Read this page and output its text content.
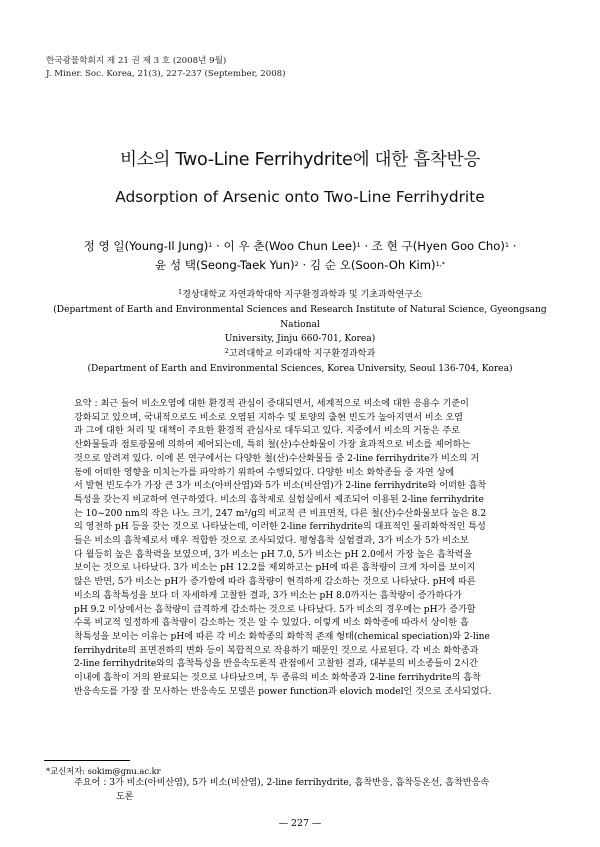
한국광물학회지 제 21 권 제 3 호 (2008년 9월)
J. Miner. Soc. Korea, 21(3), 227-237 (September, 2008)
비소의 Two-Line Ferrihydrite에 대한 흡착반응
Adsorption of Arsenic onto Two-Line Ferrihydrite
정 영 일(Young-Il Jung)$^1$ · 이 우 춘(Woo Chun Lee)$^1$ · 조 현 구(Hyen Goo Cho)$^1$ ·
윤 성 택(Seong-Taek Yun)$^2$ · 김 순 오(Soon-Oh Kim)$^{1,*}$
$^1$경상대학교 자연과학대학 지구환경과학과 및 기초과학연구소
(Department of Earth and Environmental Sciences and Research Institute of Natural Science, Gyeongsang National
University, Jinju 660-701, Korea)
$^2$고려대학교 이과대학 지구환경과학과
(Department of Earth and Environmental Sciences, Korea University, Seoul 136-704, Korea)
요약 : 최근 들어 비소오염에 대한 환경적 관심이 증대되면서, 세계적으로 비소에 대한 응용수 기준이
강화되고 있으며, 국내적으로도 비소로 오염된 지하수 및 토양의 출현 빈도가 높아지면서 비소 오염
과 그에 대한 처리 및 대책이 주요한 환경적 관심사로 대두되고 있다. 지중에서 비소의 거동은 주로
산화물들과 점토광물에 의하여 제어되는데, 특히 철(산)수산화물이 가장 효과적으로 비소를 제어하는
것으로 알려져 있다. 이에 본 연구에서는 다양한 철(산)수산화물들 중 2-line ferrihydrite가 비소의 거
동에 어떠한 영향을 미치는가를 파악하기 위하여 수행되었다. 다양한 비소 화학종들 중 자연 상에
서 발현 빈도수가 가장 큰 3가 비소(아비산염)와 5가 비소(비산염)가 2-line ferrihydrite와 어떠한 흡착
특성을 갖는지 비교하여 연구하였다. 비소의 흡착제로 실험실에서 제조되어 이용된 2-line ferrihydrite
는 10~200 nm의 작은 나노 크기, 247 m²/g의 비교적 큰 비표면적, 다른 철(산)수산화물보다 높은 8.2
의 영전하 pH 등을 갖는 것으로 나타났는데, 이러한 2-line ferrihydrite의 대표적인 물리화학적인 특성
들은 비소의 흡착제로서 매우 적합한 것으로 조사되었다. 평형흡착 실험결과, 3가 비소가 5가 비소보
다 월등히 높은 흡착력을 보였으며, 3가 비소는 pH 7.0, 5가 비소는 pH 2.0에서 가장 높은 흡착력을
보이는 것으로 나타났다. 3가 비소는 pH 12.2를 제외하고는 pH에 따른 흡착량이 크게 차이를 보이지
않은 반면, 5가 비소는 pH가 증가함에 따라 흡착량이 현격하게 감소하는 것으로 나타났다. pH에 따른
비소의 흡착특성을 보다 더 자세하게 고찰한 결과, 3가 비소는 pH 8.0까지는 흡착량이 증가하다가
pH 9.2 이상에서는 흡착량이 급격하게 감소하는 것으로 나타났다. 5가 비소의 경우에는 pH가 증가할
수록 비교적 일정하게 흡착량이 감소하는 것은 알 수 있었다. 이렇게 비소 화학종에 따라서 상이한 흡
착특성을 보이는 이유는 pH에 따른 각 비소 화학종의 화학적 존재 형태(chemical speciation)와 2-line
ferrihydrite의 표면전하의 변화 등이 복합적으로 작용하기 때문인 것으로 사료된다. 각 비소 화학종과
2-line ferrihydrite와의 흡착특성을 반응속도론적 관점에서 고찰한 결과, 대부분의 비소종들이 2시간
이내에 흡착이 거의 완료되는 것으로 나타났으며, 두 종류의 비소 화학종과 2-line ferrihydrite의 흡착
반응속도를 가장 잘 모사하는 반응속도 모델은 power function과 elovich model인 것으로 조사되었다.
주요어 : 3가 비소(아비산염), 5가 비소(비산염), 2-line ferrihydrite, 흡착반응, 흡착등온선, 흡착반응속
도론
*교신저자: sokim@gnu.ac.kr
— 227 —
